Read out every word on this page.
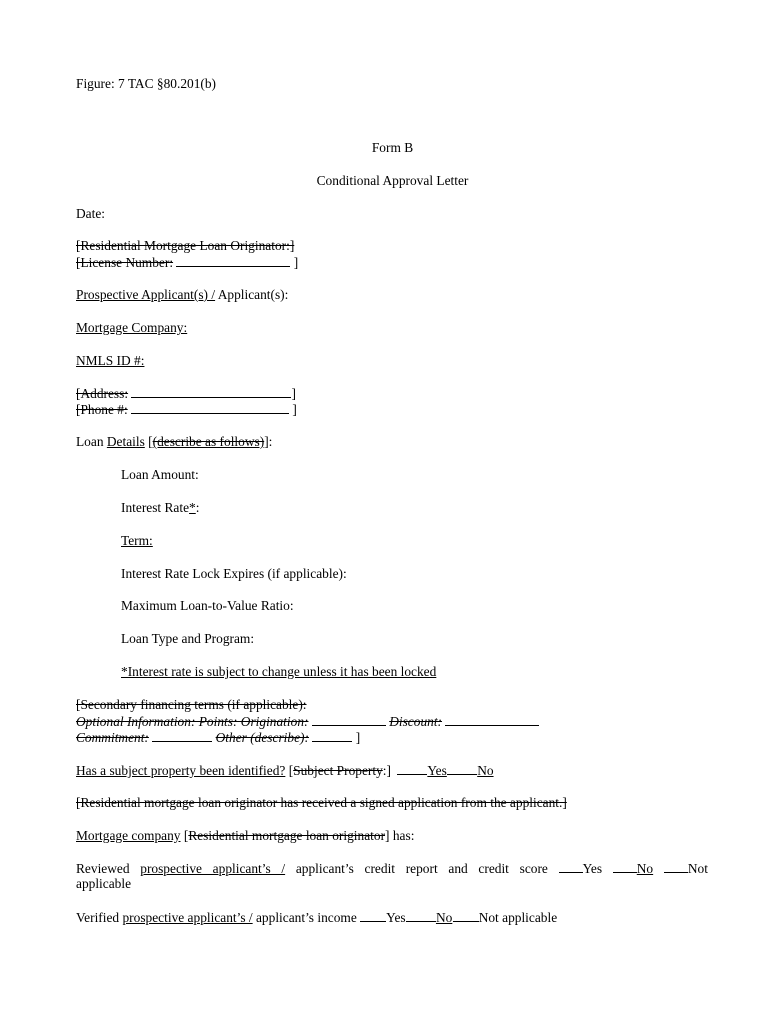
Figure: 7 TAC §80.201(b)
Form B
Conditional Approval Letter
Date:
[Residential Mortgage Loan Originator:]
[License Number:	]
Prospective Applicant(s) / Applicant(s):
Mortgage Company:
NMLS ID #:
[Address:	]
[Phone #:	]
Loan Details [(describe as follows)]:
Loan Amount:
Interest Rate*:
Term:
Interest Rate Lock Expires (if applicable):
Maximum Loan-to-Value Ratio:
Loan Type and Program:
*Interest rate is subject to change unless it has been locked
[Secondary financing terms (if applicable):
Optional Information: Points: Origination:	Discount:
Commitment:	Other (describe):	]
Has a subject property been identified? [Subject Property:]	Yes No
[Residential mortgage loan originator has received a signed application from the applicant.]
Mortgage company [Residential mortgage loan originator] has:
Reviewed prospective applicant’s / applicant’s credit report and credit score	Yes	No	Not
applicable
Verified prospective applicant’s / applicant’s income Yes No Not applicable
